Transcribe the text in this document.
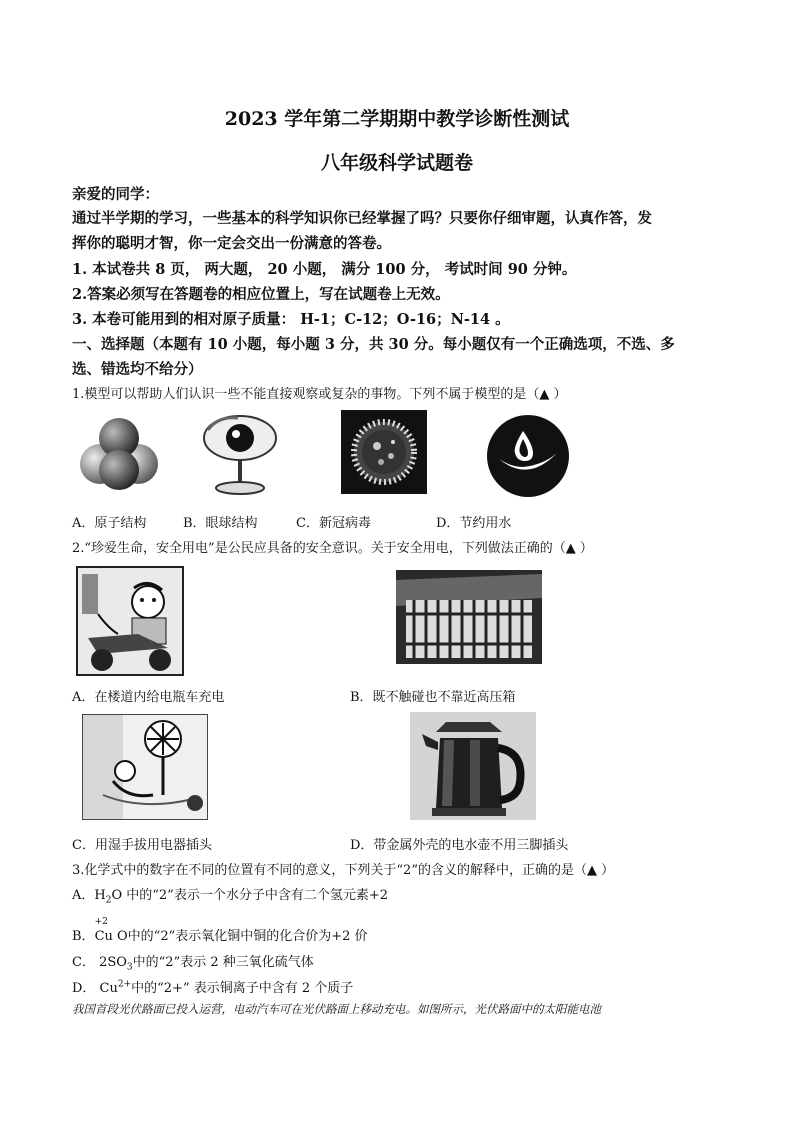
2023 学年第二学期期中教学诊断性测试
八年级科学试题卷
亲爱的同学：
通过半学期的学习，一些基本的科学知识你已经掌握了吗？只要你仔细审题，认真作答，发
挥你的聪明才智，你一定会交出一份满意的答卷。
1. 本试卷共 8 页， 两大题， 20 小题， 满分 100 分， 考试时间 90 分钟。
2.答案必须写在答题卷的相应位置上，写在试题卷上无效。
3. 本卷可能用到的相对原子质量： H-1；C-12；O-16；N-14 。
一、选择题（本题有 10 小题，每小题 3 分，共 30 分。每小题仅有一个正确选项，不选、多
选、错选均不给分）
1.模型可以帮助人们认识一些不能直接观察或复杂的事物。下列不属于模型的是（▲ ）
A．原子结构	B．眼球结构	C．新冠病毒	D．节约用水
2.“珍爱生命，安全用电”是公民应具备的安全意识。关于安全用电，下列做法正确的（▲ ）
A．在楼道内给电瓶车充电	B．既不触碰也不靠近高压箱
C．用湿手拔用电器插头	D．带金属外壳的电水壶不用三脚插头
3.化学式中的数字在不同的位置有不同的意义，下列关于“2”的含义的解释中，正确的是（▲ ）
A．$H_2O$ 中的“2”表示一个水分子中含有二个氢元素+2
B．
+2
Cu O中的“2”表示氧化铜中铜的化合价为+2 价
C． $2SO_3$中的“2”表示 2 种三氧化硫气体
D． $Cu^{2+}$中的“2+” 表示铜离子中含有 2 个质子
我国首段光伏路面已投入运营，电动汽车可在光伏路面上移动充电。如图所示，光伏路面中的太阳能电池
